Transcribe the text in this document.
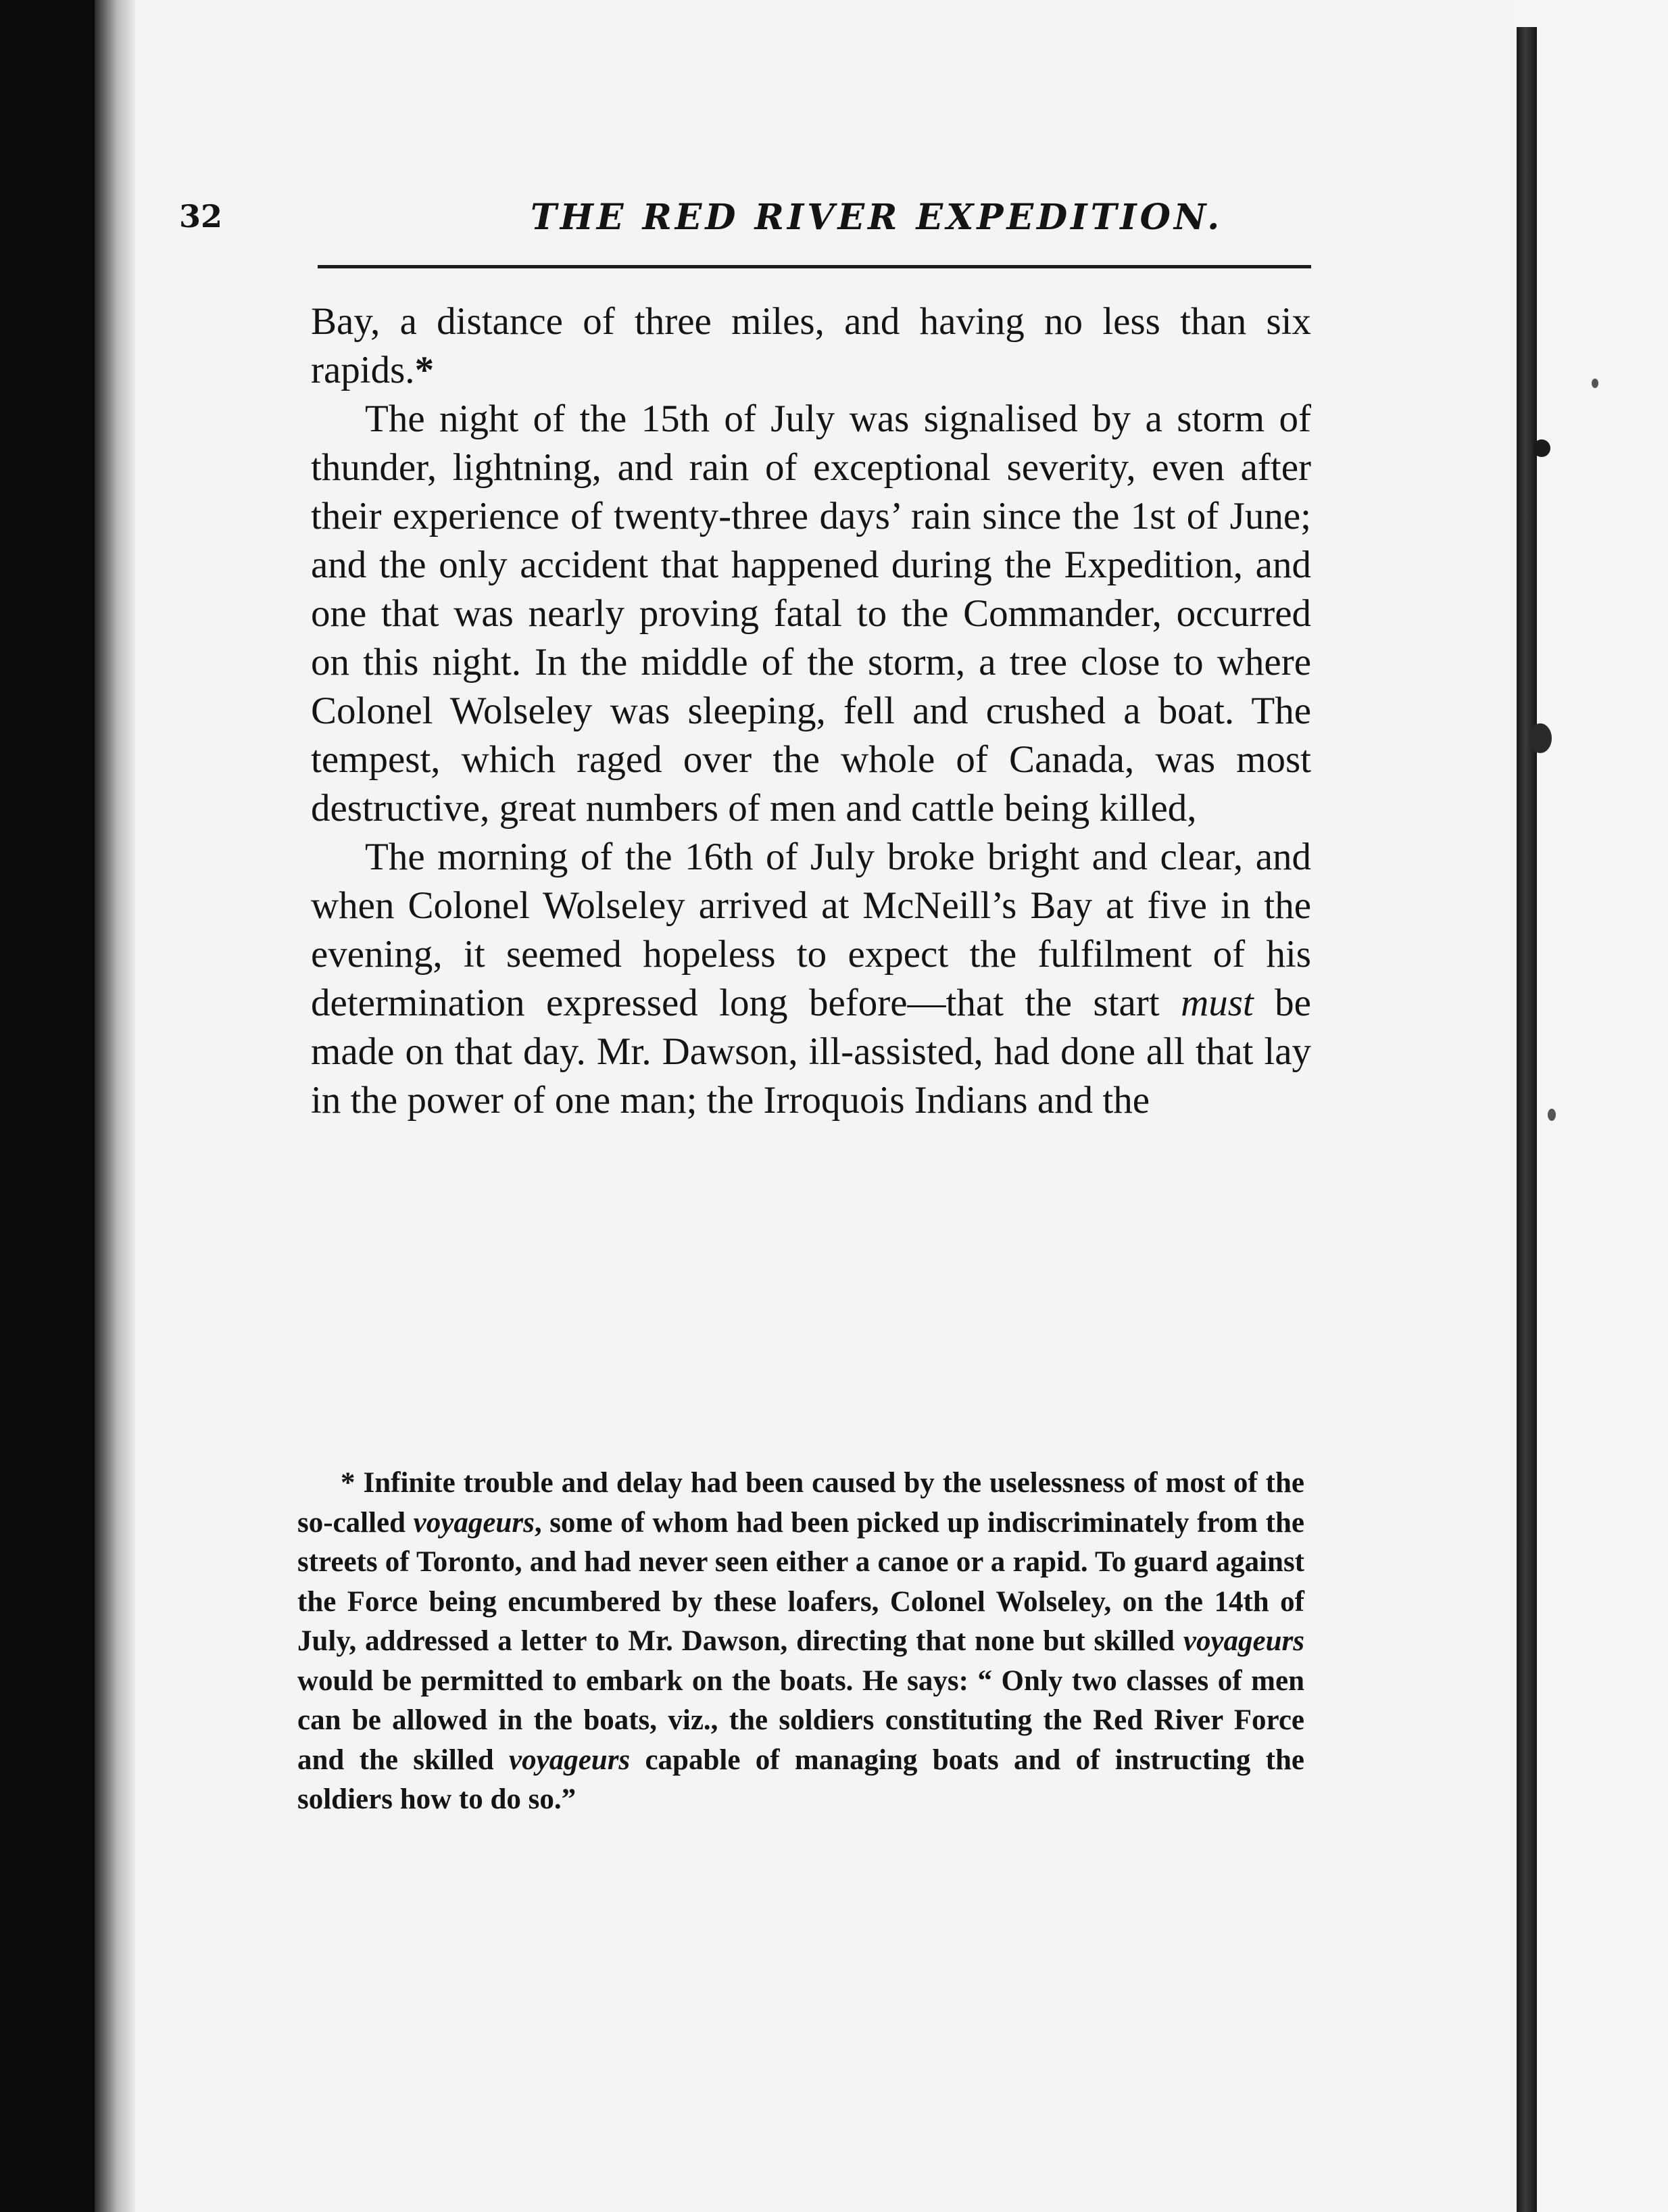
32	THE RED RIVER EXPEDITION.

Bay, a distance of three miles, and having no less than six rapids.*

The night of the 15th of July was signalised by a storm of thunder, lightning, and rain of exceptional severity, even after their experience of twenty-three days’ rain since the 1st of June; and the only accident that happened during the Expedition, and one that was nearly proving fatal to the Commander, occurred on this night. In the middle of the storm, a tree close to where Colonel Wolseley was sleeping, fell and crushed a boat. The tempest, which raged over the whole of Canada, was most destructive, great numbers of men and cattle being killed,

The morning of the 16th of July broke bright and clear, and when Colonel Wolseley arrived at McNeill’s Bay at five in the evening, it seemed hopeless to expect the fulfilment of his determination expressed long before—that the start must be made on that day. Mr. Dawson, ill-assisted, had done all that lay in the power of one man; the Irroquois Indians and the

* Infinite trouble and delay had been caused by the uselessness of most of the so-called voyageurs, some of whom had been picked up indiscriminately from the streets of Toronto, and had never seen either a canoe or a rapid. To guard against the Force being encumbered by these loafers, Colonel Wolseley, on the 14th of July, addressed a letter to Mr. Dawson, directing that none but skilled voyageurs would be permitted to embark on the boats. He says: “ Only two classes of men can be allowed in the boats, viz., the soldiers constituting the Red River Force and the skilled voyageurs capable of managing boats and of instructing the soldiers how to do so.”
